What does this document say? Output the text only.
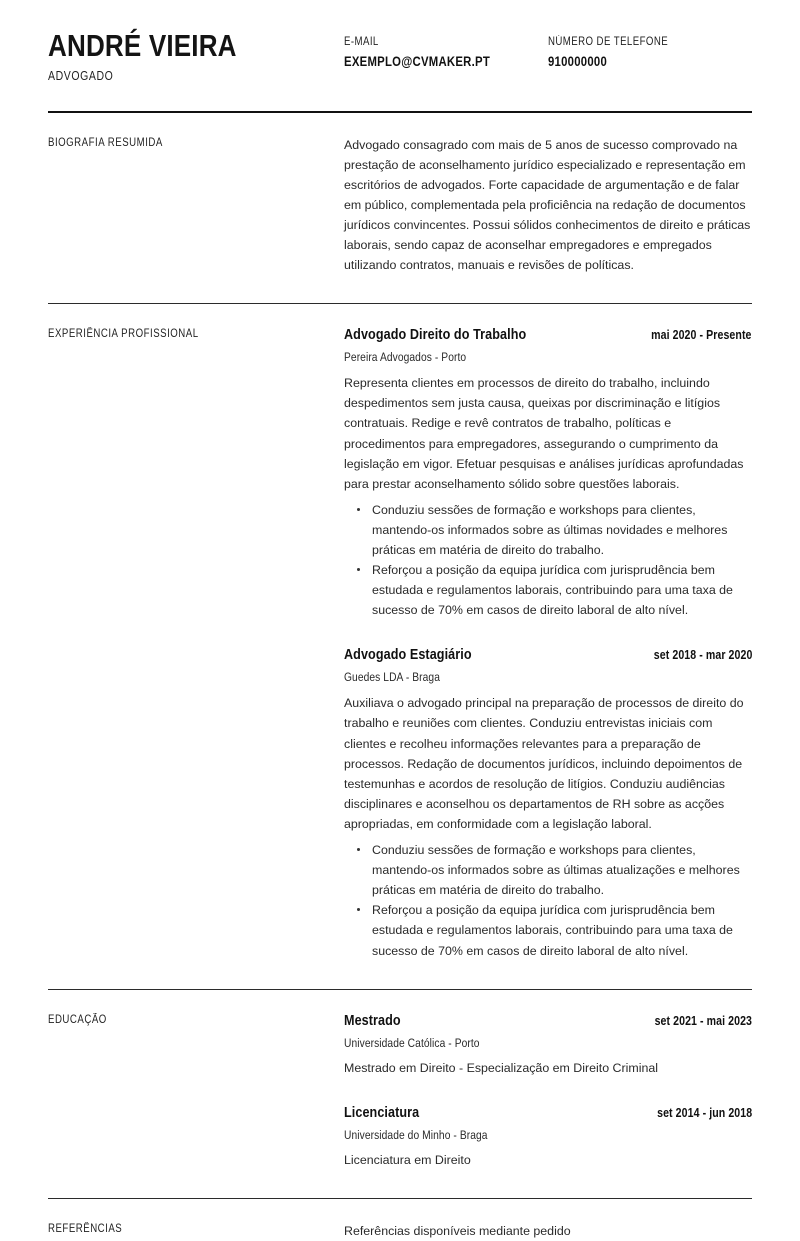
ANDRÉ VIEIRA
ADVOGADO
E-MAIL
EXEMPLO@CVMAKER.PT
NÚMERO DE TELEFONE
910000000
BIOGRAFIA RESUMIDA	Advogado consagrado com mais de 5 anos de sucesso comprovado na prestação de aconselhamento jurídico especializado e representação em escritórios de advogados. Forte capacidade de argumentação e de falar em público, complementada pela proficiência na redação de documentos jurídicos convincentes. Possui sólidos conhecimentos de direito e práticas laborais, sendo capaz de aconselhar empregadores e empregados utilizando contratos, manuais e revisões de políticas.
EXPERIÊNCIA PROFISSIONAL	Advogado Direito do Trabalho	mai 2020 - Presente
Pereira Advogados - Porto
Representa clientes em processos de direito do trabalho, incluindo despedimentos sem justa causa, queixas por discriminação e litígios contratuais. Redige e revê contratos de trabalho, políticas e procedimentos para empregadores, assegurando o cumprimento da legislação em vigor. Efetuar pesquisas e análises jurídicas aprofundadas para prestar aconselhamento sólido sobre questões laborais.
Conduziu sessões de formação e workshops para clientes, mantendo-os informados sobre as últimas novidades e melhores práticas em matéria de direito do trabalho.
Reforçou a posição da equipa jurídica com jurisprudência bem estudada e regulamentos laborais, contribuindo para uma taxa de sucesso de 70% em casos de direito laboral de alto nível.
Advogado Estagiário	set 2018 - mar 2020
Guedes LDA - Braga
Auxiliava o advogado principal na preparação de processos de direito do trabalho e reuniões com clientes. Conduziu entrevistas iniciais com clientes e recolheu informações relevantes para a preparação de processos. Redação de documentos jurídicos, incluindo depoimentos de testemunhas e acordos de resolução de litígios. Conduziu audiências disciplinares e aconselhou os departamentos de RH sobre as acções apropriadas, em conformidade com a legislação laboral.
Conduziu sessões de formação e workshops para clientes, mantendo-os informados sobre as últimas atualizações e melhores práticas em matéria de direito do trabalho.
Reforçou a posição da equipa jurídica com jurisprudência bem estudada e regulamentos laborais, contribuindo para uma taxa de sucesso de 70% em casos de direito laboral de alto nível.
EDUCAÇÃO	Mestrado	set 2021 - mai 2023
Universidade Católica - Porto
Mestrado em Direito - Especialização em Direito Criminal
Licenciatura	set 2014 - jun 2018
Universidade do Minho - Braga
Licenciatura em Direito
REFERÊNCIAS	Referências disponíveis mediante pedido
